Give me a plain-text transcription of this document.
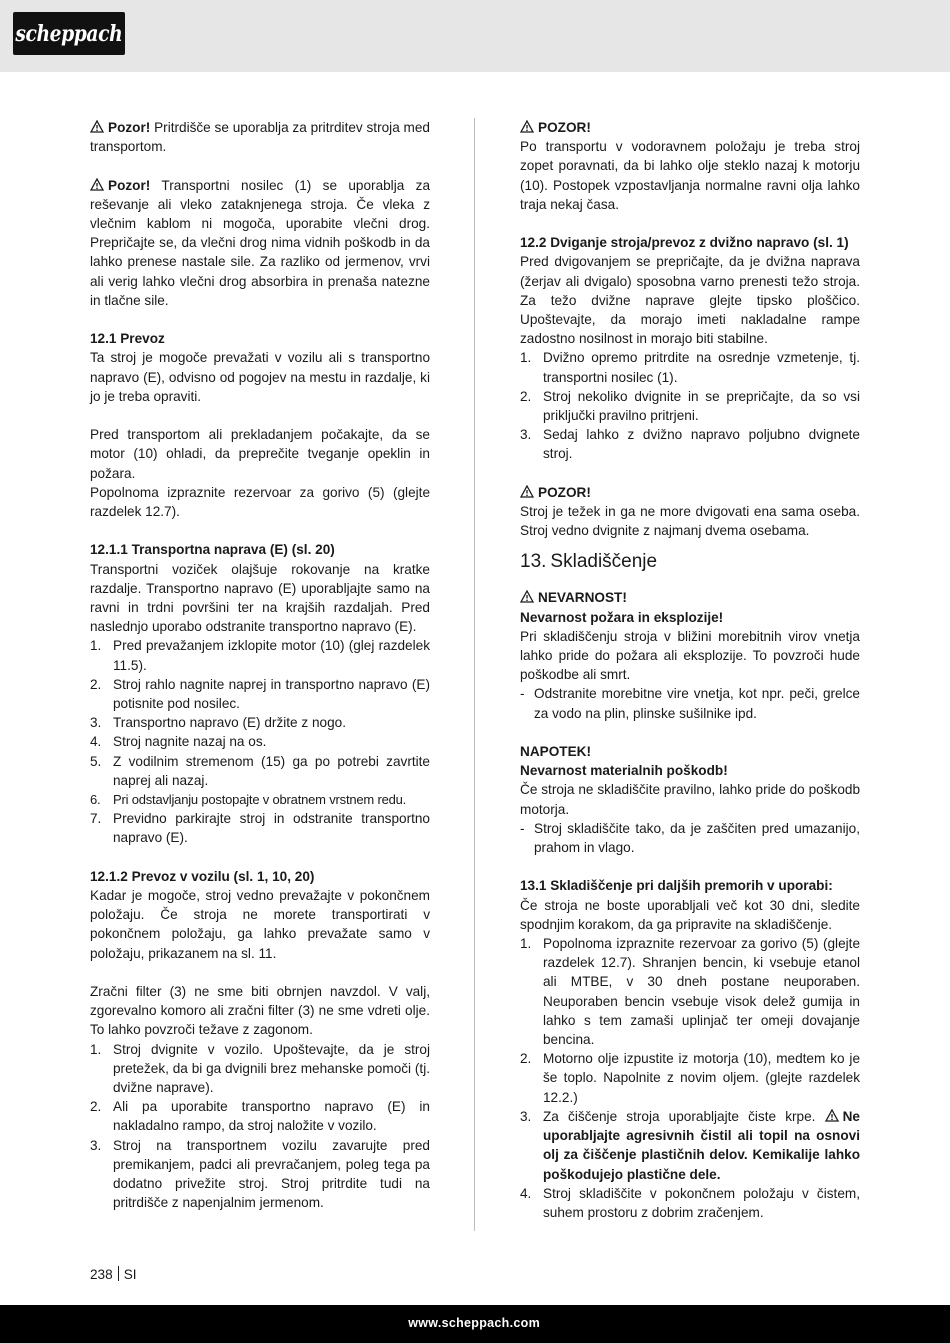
scheppach
Pozor! Pritrdišče se uporablja za pritrditev stroja med transportom.
Pozor! Transportni nosilec (1) se uporablja za reševanje ali vleko zataknjenega stroja. Če vleka z vlečnim kablom ni mogoča, uporabite vlečni drog. Prepričajte se, da vlečni drog nima vidnih poškodb in da lahko prenese nastale sile. Za razliko od jermenov, vrvi ali verig lahko vlečni drog absorbira in prenaša natezne in tlačne sile.
12.1 Prevoz
Ta stroj je mogoče prevažati v vozilu ali s transportno napravo (E), odvisno od pogojev na mestu in razdalje, ki jo je treba opraviti.
Pred transportom ali prekladanjem počakajte, da se motor (10) ohladi, da preprečite tveganje opeklin in požara.
Popolnoma izpraznite rezervoar za gorivo (5) (glejte razdelek 12.7).
12.1.1 Transportna naprava (E) (sl. 20)
Transportni voziček olajšuje rokovanje na kratke razdalje. Transportno napravo (E) uporabljajte samo na ravni in trdni površini ter na krajših razdaljah. Pred naslednjo uporabo odstranite transportno napravo (E).
1. Pred prevažanjem izklopite motor (10) (glej razdelek 11.5).
2. Stroj rahlo nagnite naprej in transportno napravo (E) potisnite pod nosilec.
3. Transportno napravo (E) držite z nogo.
4. Stroj nagnite nazaj na os.
5. Z vodilnim stremenom (15) ga po potrebi zavrtite naprej ali nazaj.
6. Pri odstavljanju postopajte v obratnem vrstnem redu.
7. Previdno parkirajte stroj in odstranite transportno napravo (E).
12.1.2 Prevoz v vozilu (sl. 1, 10, 20)
Kadar je mogoče, stroj vedno prevažajte v pokončnem položaju. Če stroja ne morete transportirati v pokončnem položaju, ga lahko prevažate samo v položaju, prikazanem na sl. 11.
Zračni filter (3) ne sme biti obrnjen navzdol. V valj, zgorevalno komoro ali zračni filter (3) ne sme vdreti olje. To lahko povzroči težave z zagonom.
1. Stroj dvignite v vozilo. Upoštevajte, da je stroj pretežek, da bi ga dvignili brez mehanske pomoči (tj. dvižne naprave).
2. Ali pa uporabite transportno napravo (E) in nakladalno rampo, da stroj naložite v vozilo.
3. Stroj na transportnem vozilu zavarujte pred premikanjem, padci ali prevračanjem, poleg tega pa dodatno privežite stroj. Stroj pritrdite tudi na pritrdišče z napenjalnim jermenom.
POZOR!
Po transportu v vodoravnem položaju je treba stroj zopet poravnati, da bi lahko olje steklo nazaj k motorju (10). Postopek vzpostavljanja normalne ravni olja lahko traja nekaj časa.
12.2 Dviganje stroja/prevoz z dvižno napravo (sl. 1)
Pred dvigovanjem se prepričajte, da je dvižna naprava (žerjav ali dvigalo) sposobna varno prenesti težo stroja. Za težo dvižne naprave glejte tipsko ploščico. Upoštevajte, da morajo imeti nakladalne rampe zadostno nosilnost in morajo biti stabilne.
1. Dvižno opremo pritrdite na osrednje vzmetenje, tj. transportni nosilec (1).
2. Stroj nekoliko dvignite in se prepričajte, da so vsi priključki pravilno pritrjeni.
3. Sedaj lahko z dvižno napravo poljubno dvignete stroj.
POZOR!
Stroj je težek in ga ne more dvigovati ena sama oseba. Stroj vedno dvignite z najmanj dvema osebama.
13. Skladiščenje
NEVARNOST!
Nevarnost požara in eksplozije!
Pri skladiščenju stroja v bližini morebitnih virov vnetja lahko pride do požara ali eksplozije. To povzroči hude poškodbe ali smrt.
- Odstranite morebitne vire vnetja, kot npr. peči, grelce za vodo na plin, plinske sušilnike ipd.
NAPOTEK!
Nevarnost materialnih poškodb!
Če stroja ne skladiščite pravilno, lahko pride do poškodb motorja.
- Stroj skladiščite tako, da je zaščiten pred umazanijo, prahom in vlago.
13.1 Skladiščenje pri daljših premorih v uporabi:
Če stroja ne boste uporabljali več kot 30 dni, sledite spodnjim korakom, da ga pripravite na skladiščenje.
1. Popolnoma izpraznite rezervoar za gorivo (5) (glejte razdelek 12.7). Shranjen bencin, ki vsebuje etanol ali MTBE, v 30 dneh postane neuporaben. Neuporaben bencin vsebuje visok delež gumija in lahko s tem zamaši uplinjač ter omeji dovajanje bencina.
2. Motorno olje izpustite iz motorja (10), medtem ko je še toplo. Napolnite z novim oljem. (glejte razdelek 12.2.)
3. Za čiščenje stroja uporabljajte čiste krpe. Ne uporabljajte agresivnih čistil ali topil na osnovi olj za čiščenje plastičnih delov. Kemikalije lahko poškodujejo plastične dele.
4. Stroj skladiščite v pokončnem položaju v čistem, suhem prostoru z dobrim zračenjem.
238 SI
www.scheppach.com
